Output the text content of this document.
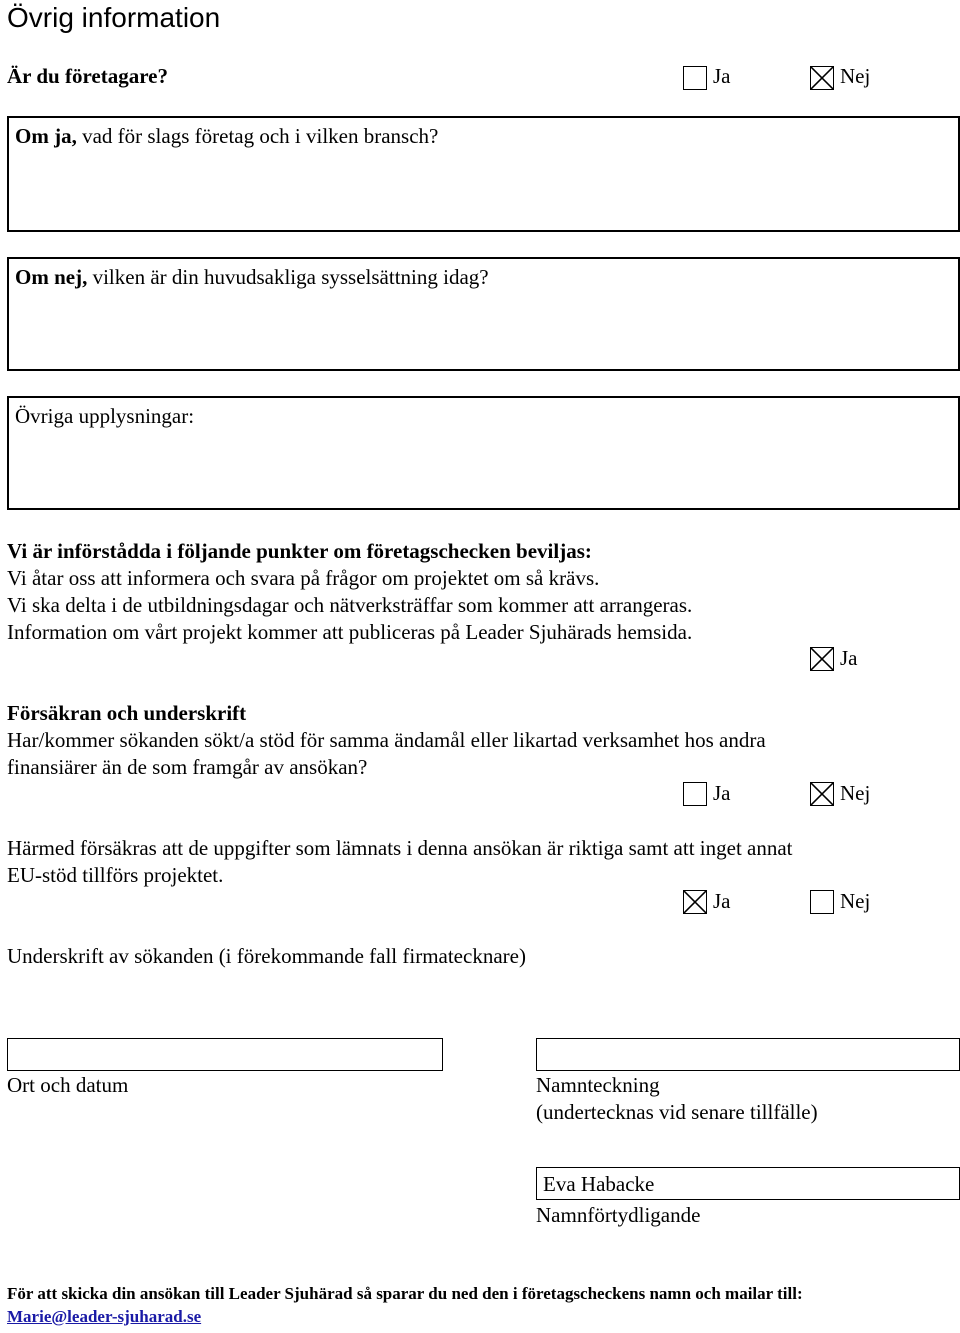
Övrig information
Är du företagare?	Ja	Nej
Om ja, vad för slags företag och i vilken bransch?
Om nej, vilken är din huvudsakliga sysselsättning idag?
Övriga upplysningar:
Vi är införstådda i följande punkter om företagschecken beviljas:
Vi åtar oss att informera och svara på frågor om projektet om så krävs.
Vi ska delta i de utbildningsdagar och nätverksträffar som kommer att arrangeras.
Information om vårt projekt kommer att publiceras på Leader Sjuhärads hemsida.
Ja
Försäkran och underskrift
Har/kommer sökanden sökt/a stöd för samma ändamål eller likartad verksamhet hos andra
finansiärer än de som framgår av ansökan?
Ja	Nej
Härmed försäkras att de uppgifter som lämnats i denna ansökan är riktiga samt att inget annat
EU-stöd tillförs projektet.
Ja	Nej
Underskrift av sökanden (i förekommande fall firmatecknare)
Ort och datum	Namnteckning
(undertecknas vid senare tillfälle)
Eva Habacke
Namnförtydligande
För att skicka din ansökan till Leader Sjuhärad så sparar du ned den i företagscheckens namn och mailar till:
Marie@leader-sjuharad.se
